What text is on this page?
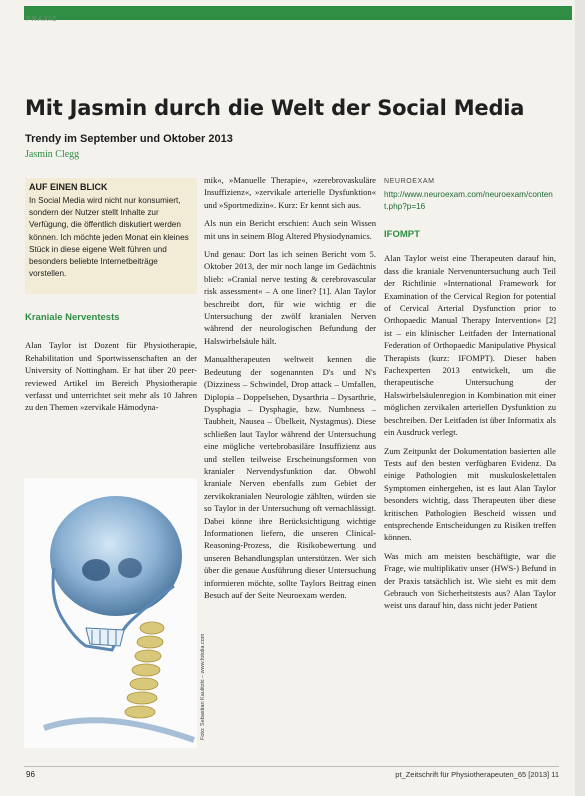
PRAXIS
Mit Jasmin durch die Welt der Social Media
Trendy im September und Oktober 2013
Jasmin Clegg
AUF EINEN BLICK
In Social Media wird nicht nur konsumiert, sondern der Nutzer stellt Inhalte zur Verfügung, die öffentlich diskutiert werden können. Ich möchte jeden Monat ein kleines Stück in diese eigene Welt führen und besonders beliebte Internetbeiträge vorstellen.
Kraniale Nerventests

Alan Taylor ist Dozent für Physiotherapie, Rehabilitation und Sportwissenschaften an der University of Nottingham. Er hat über 20 peer-reviewed Artikel im Bereich Physiotherapie verfasst und unterrichtet seit mehr als 10 Jahren zu den Themen »zervikale Hämodyna-

Foto: Sebastian Kaulitzki – www.fotolia.com

mik«, »Manuelle Therapie«, »zerebrovaskuläre Insuffizienz«, »zervikale arterielle Dysfunktion« und »Sportmedizin«. Kurz: Er kennt sich aus.

Als nun ein Bericht erschien: Auch sein Wissen mit uns in seinem Blog Altered Physiodynamics.

Und genau: Dort las ich seinen Bericht vom 5. Oktober 2013, der mir noch lange im Gedächtnis blieb: »Cranial nerve testing & cerebrovascular risk assessment« – A one liner? [1]. Alan Taylor beschreibt dort, für wie wichtig er die Untersuchung der zwölf kranialen Nerven während der neurologischen Befundung der Halswirbelsäule hält.

Manualtherapeuten weltweit kennen die Bedeutung der sogenannten D's und N's (Dizziness – Schwindel, Drop attack – Umfallen, Diplopia – Doppelsehen, Dysarthria – Dysarthrie, Dysphagia – Dysphagie, bzw. Numbness – Taubheit, Nausea – Übelkeit, Nystagmus). Diese schließen laut Taylor während der Untersuchung eine mögliche vertebrobasiläre Insuffizienz aus und stellen teilweise Erscheinungsformen von kranialer Nervendysfunktion dar. Obwohl kraniale Nerven ebenfalls zum Gebiet der zervikokranialen Neurologie zählten, würden sie so Taylor in der Untersuchung oft vernachlässigt. Dabei könne ihre Berücksichtigung wichtige Informationen liefern, die unseren Clinical-Reasoning-Prozess, die Risikobewertung und unseren Behandlungsplan unterstützen. Wer sich über die genaue Ausführung dieser Untersuchung informieren möchte, sollte Taylors Beitrag einen Besuch auf der Seite Neuroexam werden.

NEUROEXAM
http://www.neuroexam.com/neuroexam/content.php?p=16
IFOMPT

Alan Taylor weist eine Therapeuten darauf hin, dass die kraniale Nervenuntersuchung auch Teil der Richtlinie »International Framework for Examination of the Cervical Region for potential of Cervical Arterial Dysfunction prior to Orthopaedic Manual Therapy Intervention« [2] ist – ein klinischer Leitfaden der International Federation of Orthopaedic Manipulative Physical Therapists (kurz: IFOMPT). Dieser haben Fachexperten 2013 entwickelt, um die therapeutische Untersuchung der Halswirbelsäulenregion in Kombination mit einer möglichen zervikalen arteriellen Dysfunktion zu beschreiben. Der Leitfaden ist über Informatix als ein Ausdruck verlegt.

Zum Zeitpunkt der Dokumentation basierten alle Tests auf den besten verfügbaren Evidenz. Da einige Pathologien mit muskuloskelettalen Symptomen einhergehen, ist es laut Alan Taylor besonders wichtig, dass Therapeuten über diese kritischen Pathologien Bescheid wissen und entsprechende Entscheidungen zu Risiken treffen können.

Was mich am meisten beschäftigte, war die Frage, wie multiplikativ unser (HWS-) Befund in der Praxis tatsächlich ist. Wie sieht es mit dem Gebrauch von Sicherheitstests aus? Alan Taylor weist uns darauf hin, dass nicht jeder Patient

96	pt_Zeitschrift für Physiotherapeuten_65 [2013] 11
